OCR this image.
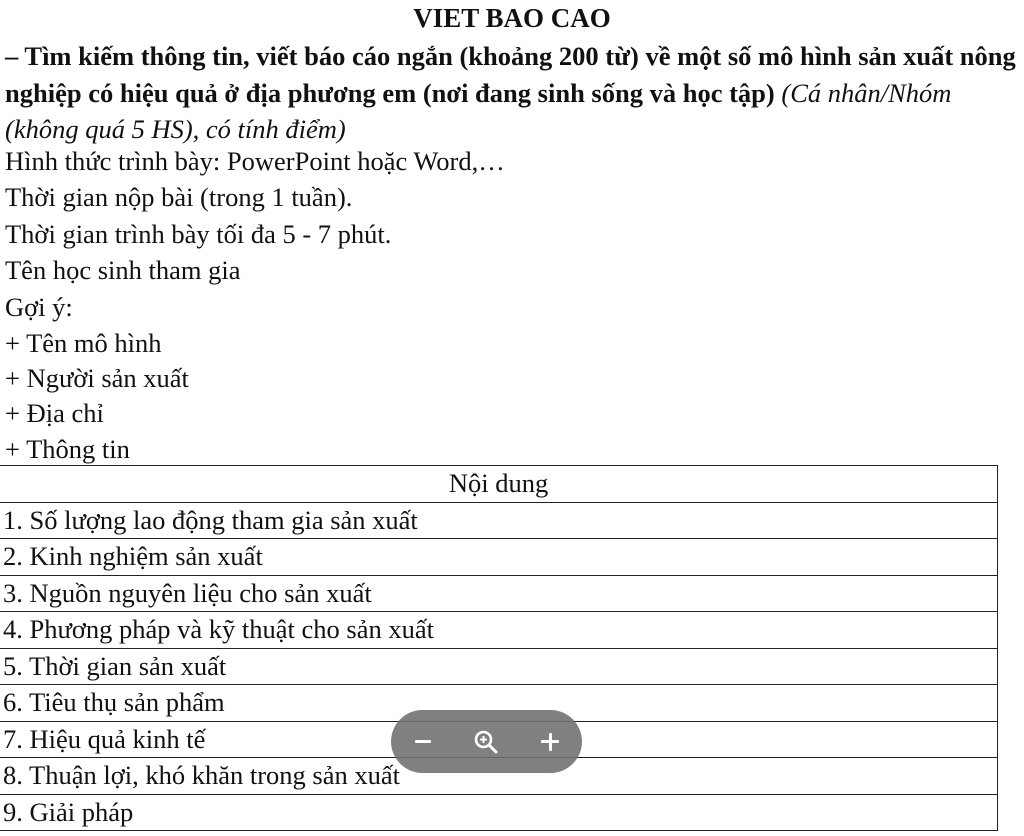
VIET BAO CAO
– Tìm kiếm thông tin, viết báo cáo ngắn (khoảng 200 từ) về một số mô hình sản xuất nông nghiệp có hiệu quả ở địa phương em (nơi đang sinh sống và học tập) (Cá nhân/Nhóm (không quá 5 HS), có tính điểm)
Hình thức trình bày: PowerPoint hoặc Word,…
Thời gian nộp bài (trong 1 tuần).
Thời gian trình bày tối đa 5 - 7 phút.
Tên học sinh tham gia
Gợi ý:
+ Tên mô hình
+ Người sản xuất
+ Địa chỉ
+ Thông tin
Nội dung
1. Số lượng lao động tham gia sản xuất
2. Kinh nghiệm sản xuất
3. Nguồn nguyên liệu cho sản xuất
4. Phương pháp và kỹ thuật cho sản xuất
5. Thời gian sản xuất
6. Tiêu thụ sản phẩm
7. Hiệu quả kinh tế
8. Thuận lợi, khó khăn trong sản xuất
9. Giải pháp
